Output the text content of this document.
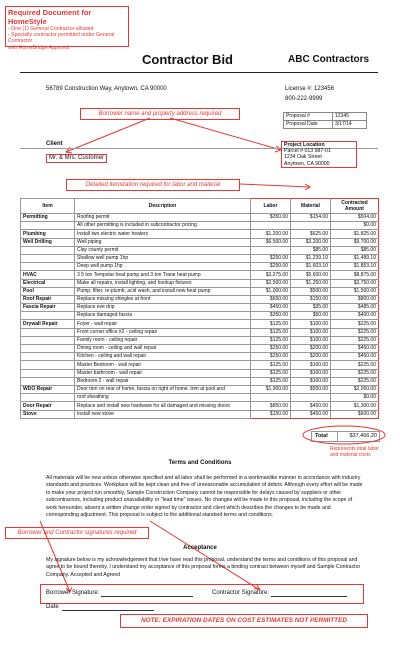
Required Document for HomeStyle
- One (1) General Contractor allowed
- Specialty contractor permitted under General Contractor
with HomeBridge Approval
Contractor Bid	ABC Contractors
56789 Construction Way, Anytown, CA 90000	License #: 123456
800-222-9999
Borrower name and property address required	Proposal #	12345
Proposal Date	3/17/14
Client
Mr. & Mrs. Customer
Project Location
Parcel # 013 987-01
1234 Oak Street
Anytown, CA 90000
Detailed itemization required for labor and material
Item	Description	Labor	Material	Contracted Amount
Permitting	Roofing permit	$350.00	$154.00	$504.00
	All other permitting is included in subcontractor pricing			$0.00
Plumbing	Install two electric water heaters	$1,200.00	$625.00	$1,825.00
Well Drilling	Well piping	$6,500.00	$3,200.00	$9,700.00
	Clay county permit		$85.00	$85.00
	Shallow well pump 1hp	$250.00	$1,239.10	$1,489.10
	Deep well pump 1hp	$250.00	$1,603.10	$1,853.10
HVAC	3 5 ton Tempstar heat pump and 3 ton Trane heat pump	$3,275.00	$5,600.00	$8,875.00
Electrical	Make all repairs, install lighting, and hookup fixtures	$2,500.00	$1,250.00	$3,750.00
Pool	Pump, filter, re-plumb, acid wash, and install new heat pump	$1,000.00	$500.00	$1,500.00
Roof Repair	Replace missing shingles at front	$650.00	$150.00	$800.00
Fascia Repair	Replace eve drip	$450.00	$35.00	$485.00
	Replace damaged fascia	$350.00	$50.00	$400.00
Drywall Repair	Foyer - wall repair	$125.00	$100.00	$225.00
	Front corner office #2 - ceiling repair	$125.00	$100.00	$225.00
	Family room - ceiling repair	$125.00	$100.00	$225.00
	Dining room - ceiling and wall repair	$250.00	$200.00	$450.00
	Kitchen - ceiling and wall repair	$250.00	$200.00	$450.00
	Master Bedroom - wall repair	$125.00	$100.00	$225.00
	Master bathroom - wall repair	$125.00	$100.00	$225.00
	Bedroom 2 - wall repair	$125.00	$100.00	$225.00
WDO Repair	Door trim on rear of home, fascia on right of home. trim at pool and	$1,900.00	$550.00	$2,050.00
	roof sheathing			$0.00
Door Repair	Replace and install new hardware for all damaged and missing doors	$850.00	$450.00	$1,300.00
Stove	Install new stove	$150.00	$450.00	$600.00
Total	$37,466.20
Represents total labor and material costs
Terms and Conditions
All materials will be new unless otherwise specified and all labor shall be performed in a workmanlike manner in accordance with industry standards and practices. Workplace will be kept clean and free of unreasonable accumulation of debris. Although every effort will be made to make your project run smoothly, Sample Construction Company cannot be responsible for delays caused by suppliers or other subcontractors, including product unavailability or "lead time" issues. No changes will be made to this proposal, including the scope of work hereunder, absent a written change order signed by contractor and client which describes the changes to be made and corresponding adjustment. This proposal is subject to the additional standard terms and conditions.
Borrower and Contractor signatures required
Acceptance
My signature below is my acknowledgement that I/we have read this proposal, understand the terms and conditions of this proposal and agree to be bound thereby. I understand my acceptance of this proposal forms a binding contract between myself and Sample Contractor Company. Accepted and Agreed
Borrower Signature:	Contractor Signature:
Date
NOTE: EXPIRATION DATES ON COST ESTIMATES NOT PERMITTED
